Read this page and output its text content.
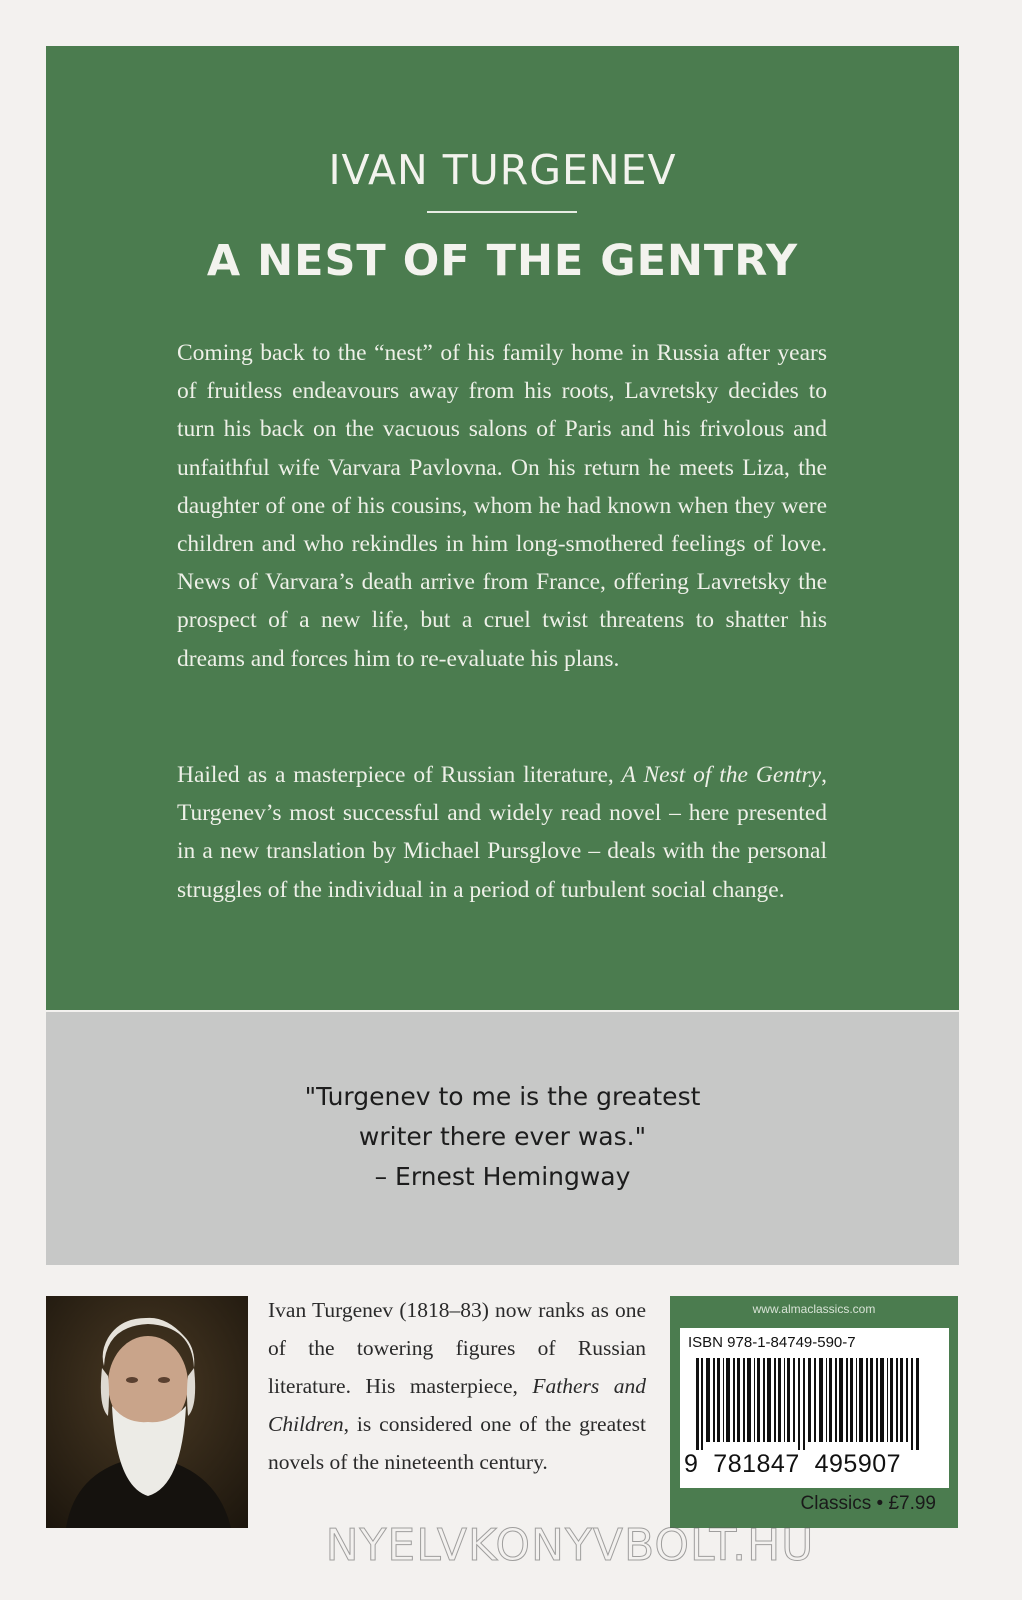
IVAN TURGENEV
A NEST OF THE GENTRY

Coming back to the “nest” of his family home in Russia after years of fruitless endeavours away from his roots, Lavretsky decides to turn his back on the vacuous salons of Paris and his frivolous and unfaithful wife Varvara Pavlovna. On his return he meets Liza, the daughter of one of his cousins, whom he had known when they were children and who rekindles in him long-smothered feelings of love. News of Varvara’s death arrive from France, offering Lavretsky the prospect of a new life, but a cruel twist threatens to shatter his dreams and forces him to re-evaluate his plans.

Hailed as a masterpiece of Russian literature, A Nest of the Gentry, Turgenev’s most successful and widely read novel – here presented in a new translation by Michael Pursglove – deals with the personal struggles of the individual in a period of turbulent social change.

"Turgenev to me is the greatest
writer there ever was."
– Ernest Hemingway

Ivan Turgenev (1818–83) now ranks as one of the towering figures of Russian literature. His masterpiece, Fathers and Children, is considered one of the greatest novels of the nineteenth century.

www.almaclassics.com
ISBN 978-1-84749-590-7
9  781847  495907
Classics • £7.99
NYELVKONYVBOLT.HU
